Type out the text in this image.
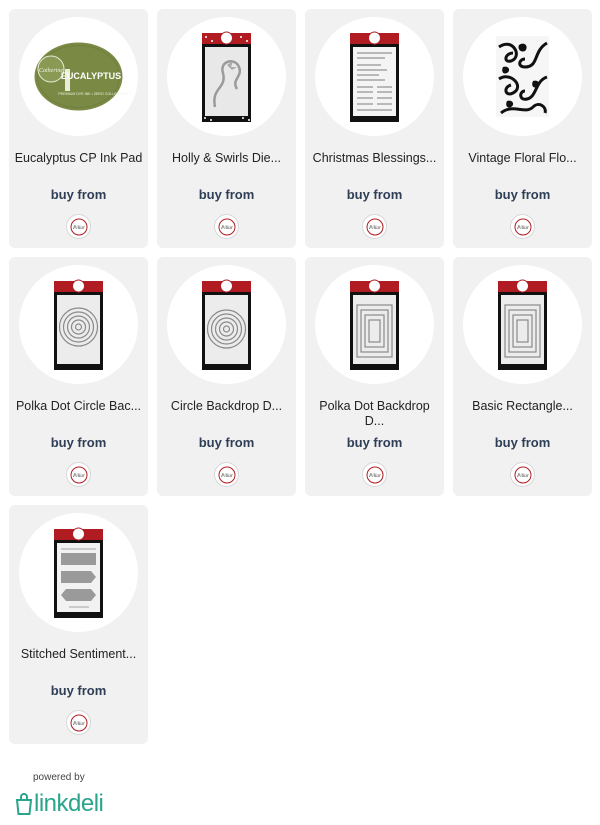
Catherine
EUCALYPTUS
PREMIUM DYE INK • ZERO COLLECTION
Eucalyptus CP Ink Pad
buy from
Pillar
Holly & Swirls Die...
buy from
Pillar
Christmas Blessings...
buy from
Pillar
Vintage Floral Flo...
buy from
Pillar
Polka Dot Circle Bac...
buy from
Pillar
Circle Backdrop D...
buy from
Pillar
Polka Dot Backdrop D...
buy from
Pillar
Basic Rectangle...
buy from
Pillar
Stitched Sentiment...
buy from
Pillar
powered by
linkdeli
